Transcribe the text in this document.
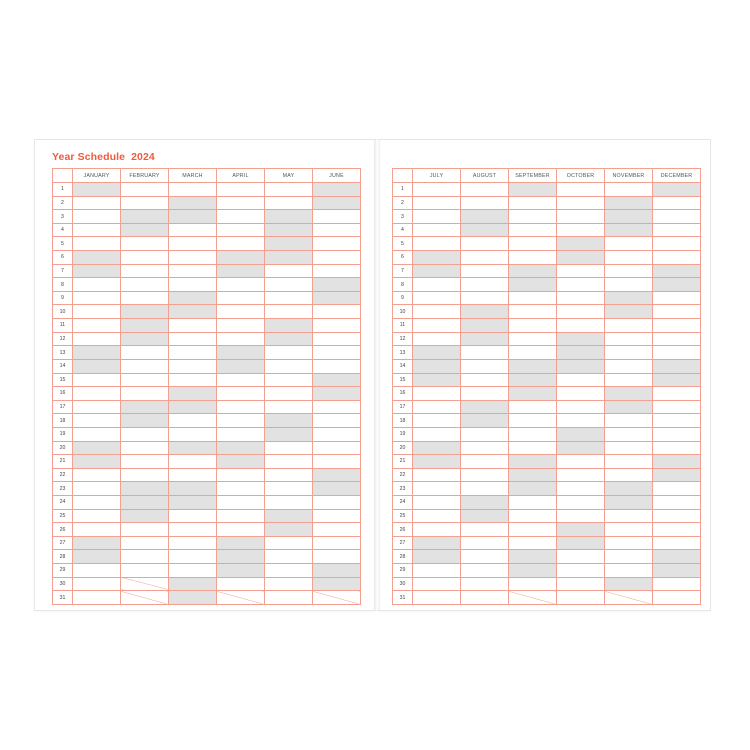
Year Schedule 2024
	JANUARY	FEBRUARY	MARCH	APRIL	MAY	JUNE
1						
2						
3						
4						
5						
6						
7						
8						
9						
10						
11						
12						
13						
14						
15						
16						
17						
18						
19						
20						
21						
22						
23						
24						
25						
26						
27						
28						
29						
30						
31						
	JULY	AUGUST	SEPTEMBER	OCTOBER	NOVEMBER	DECEMBER
1						
2						
3						
4						
5						
6						
7						
8						
9						
10						
11						
12						
13						
14						
15						
16						
17						
18						
19						
20						
21						
22						
23						
24						
25						
26						
27						
28						
29						
30						
31						
